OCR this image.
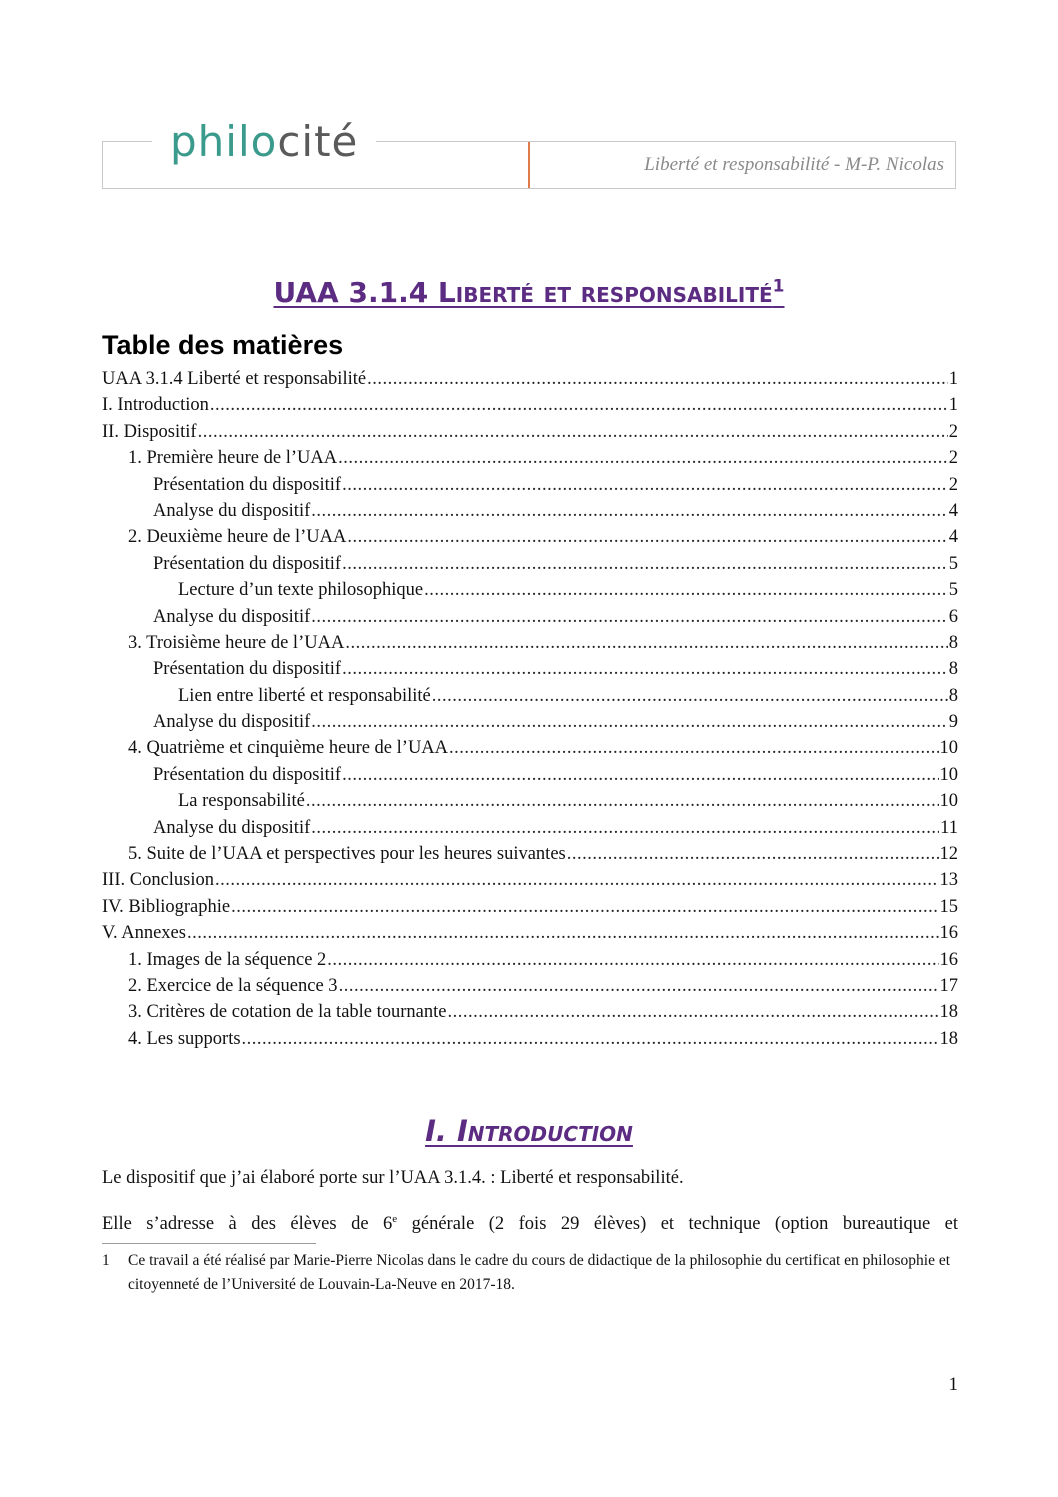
philo cité	Liberté et responsabilité - M-P. Nicolas
UAA 3.1.4 Liberté et responsabilité$^1$
Table des matières
UAA 3.1.4 Liberté et responsabilité .....	1
I. Introduction .....	1
II. Dispositif .....	2
1. Première heure de l’UAA .....	2
Présentation du dispositif .....	2
Analyse du dispositif .....	4
2. Deuxième heure de l’UAA .....	4
Présentation du dispositif .....	5
Lecture d’un texte philosophique .....	5
Analyse du dispositif .....	6
3. Troisième heure de l’UAA .....	8
Présentation du dispositif .....	8
Lien entre liberté et responsabilité .....	8
Analyse du dispositif .....	9
4. Quatrième et cinquième heure de l’UAA .....	10
Présentation du dispositif .....	10
La responsabilité .....	10
Analyse du dispositif .....	11
5. Suite de l’UAA et perspectives pour les heures suivantes .....	12
III. Conclusion .....	13
IV. Bibliographie .....	15
V. Annexes .....	16
1. Images de la séquence 2 .....	16
2. Exercice de la séquence 3 .....	17
3. Critères de cotation de la table tournante .....	18
4. Les supports .....	18
I. Introduction

Le dispositif que j’ai élaboré porte sur l’UAA 3.1.4. : Liberté et responsabilité.

Elle s’adresse à des élèves de 6e générale (2 fois 29 élèves) et technique (option bureautique et

1	Ce travail a été réalisé par Marie-Pierre Nicolas dans le cadre du cours de didactique de la philosophie du certificat en philosophie et citoyenneté de l’Université de Louvain-La-Neuve en 2017-18.
1
